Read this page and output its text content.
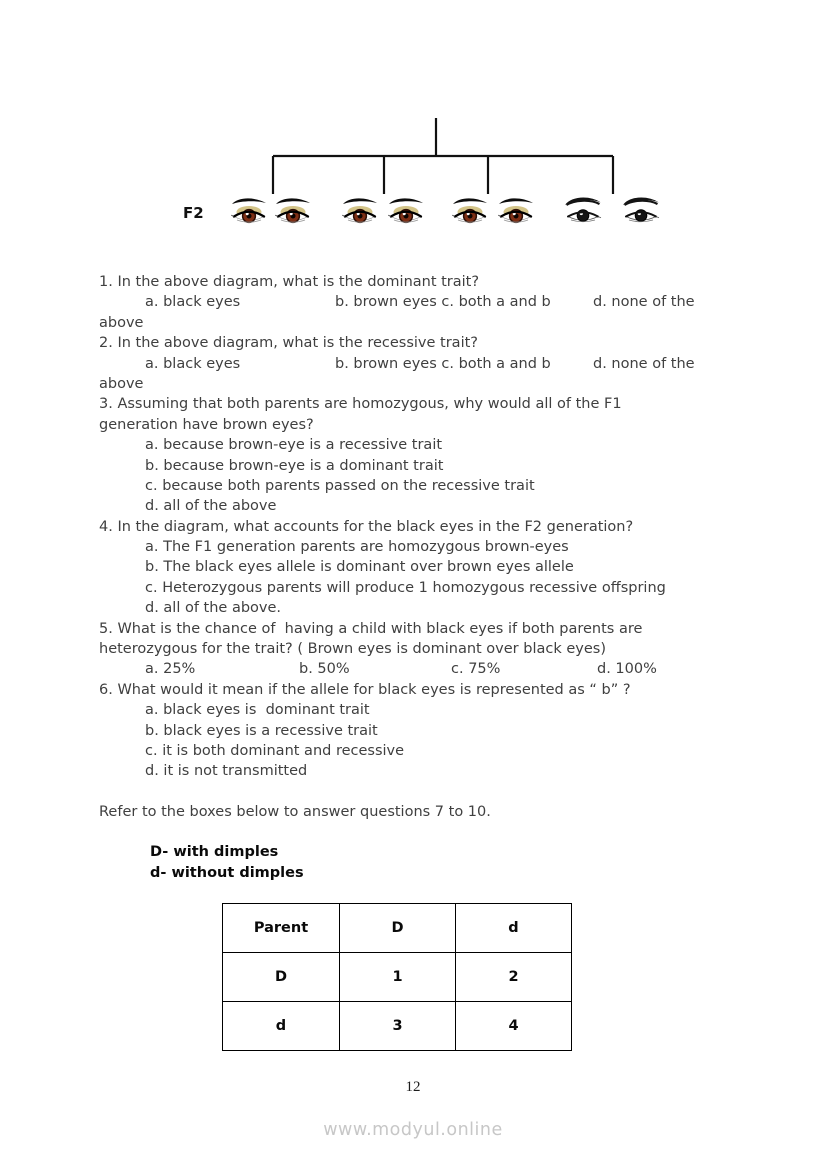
F2
1. In the above diagram, what is the dominant trait?
a. black eyes	b. brown eyes c. both a and b	d. none of the
above
2. In the above diagram, what is the recessive trait?
a. black eyes	b. brown eyes c. both a and b	d. none of the
above
3. Assuming that both parents are homozygous, why would all of the F1
generation have brown eyes?
a. because brown-eye is a recessive trait
b. because brown-eye is a dominant trait
c. because both parents passed on the recessive trait
d. all of the above
4. In the diagram, what accounts for the black eyes in the F2 generation?
a. The F1 generation parents are homozygous brown-eyes
b. The black eyes allele is dominant over brown eyes allele
c. Heterozygous parents will produce 1 homozygous recessive offspring
d. all of the above.
5. What is the chance of  having a child with black eyes if both parents are
heterozygous for the trait? ( Brown eyes is dominant over black eyes)
a. 25%	b. 50%	c. 75%	d. 100%
6. What would it mean if the allele for black eyes is represented as “ b” ?
a. black eyes is  dominant trait
b. black eyes is a recessive trait
c. it is both dominant and recessive
d. it is not transmitted
Refer to the boxes below to answer questions 7 to 10.
D- with dimples
d- without dimples
Parent	D	d
D	1	2
d	3	4
12
www.modyul.online
